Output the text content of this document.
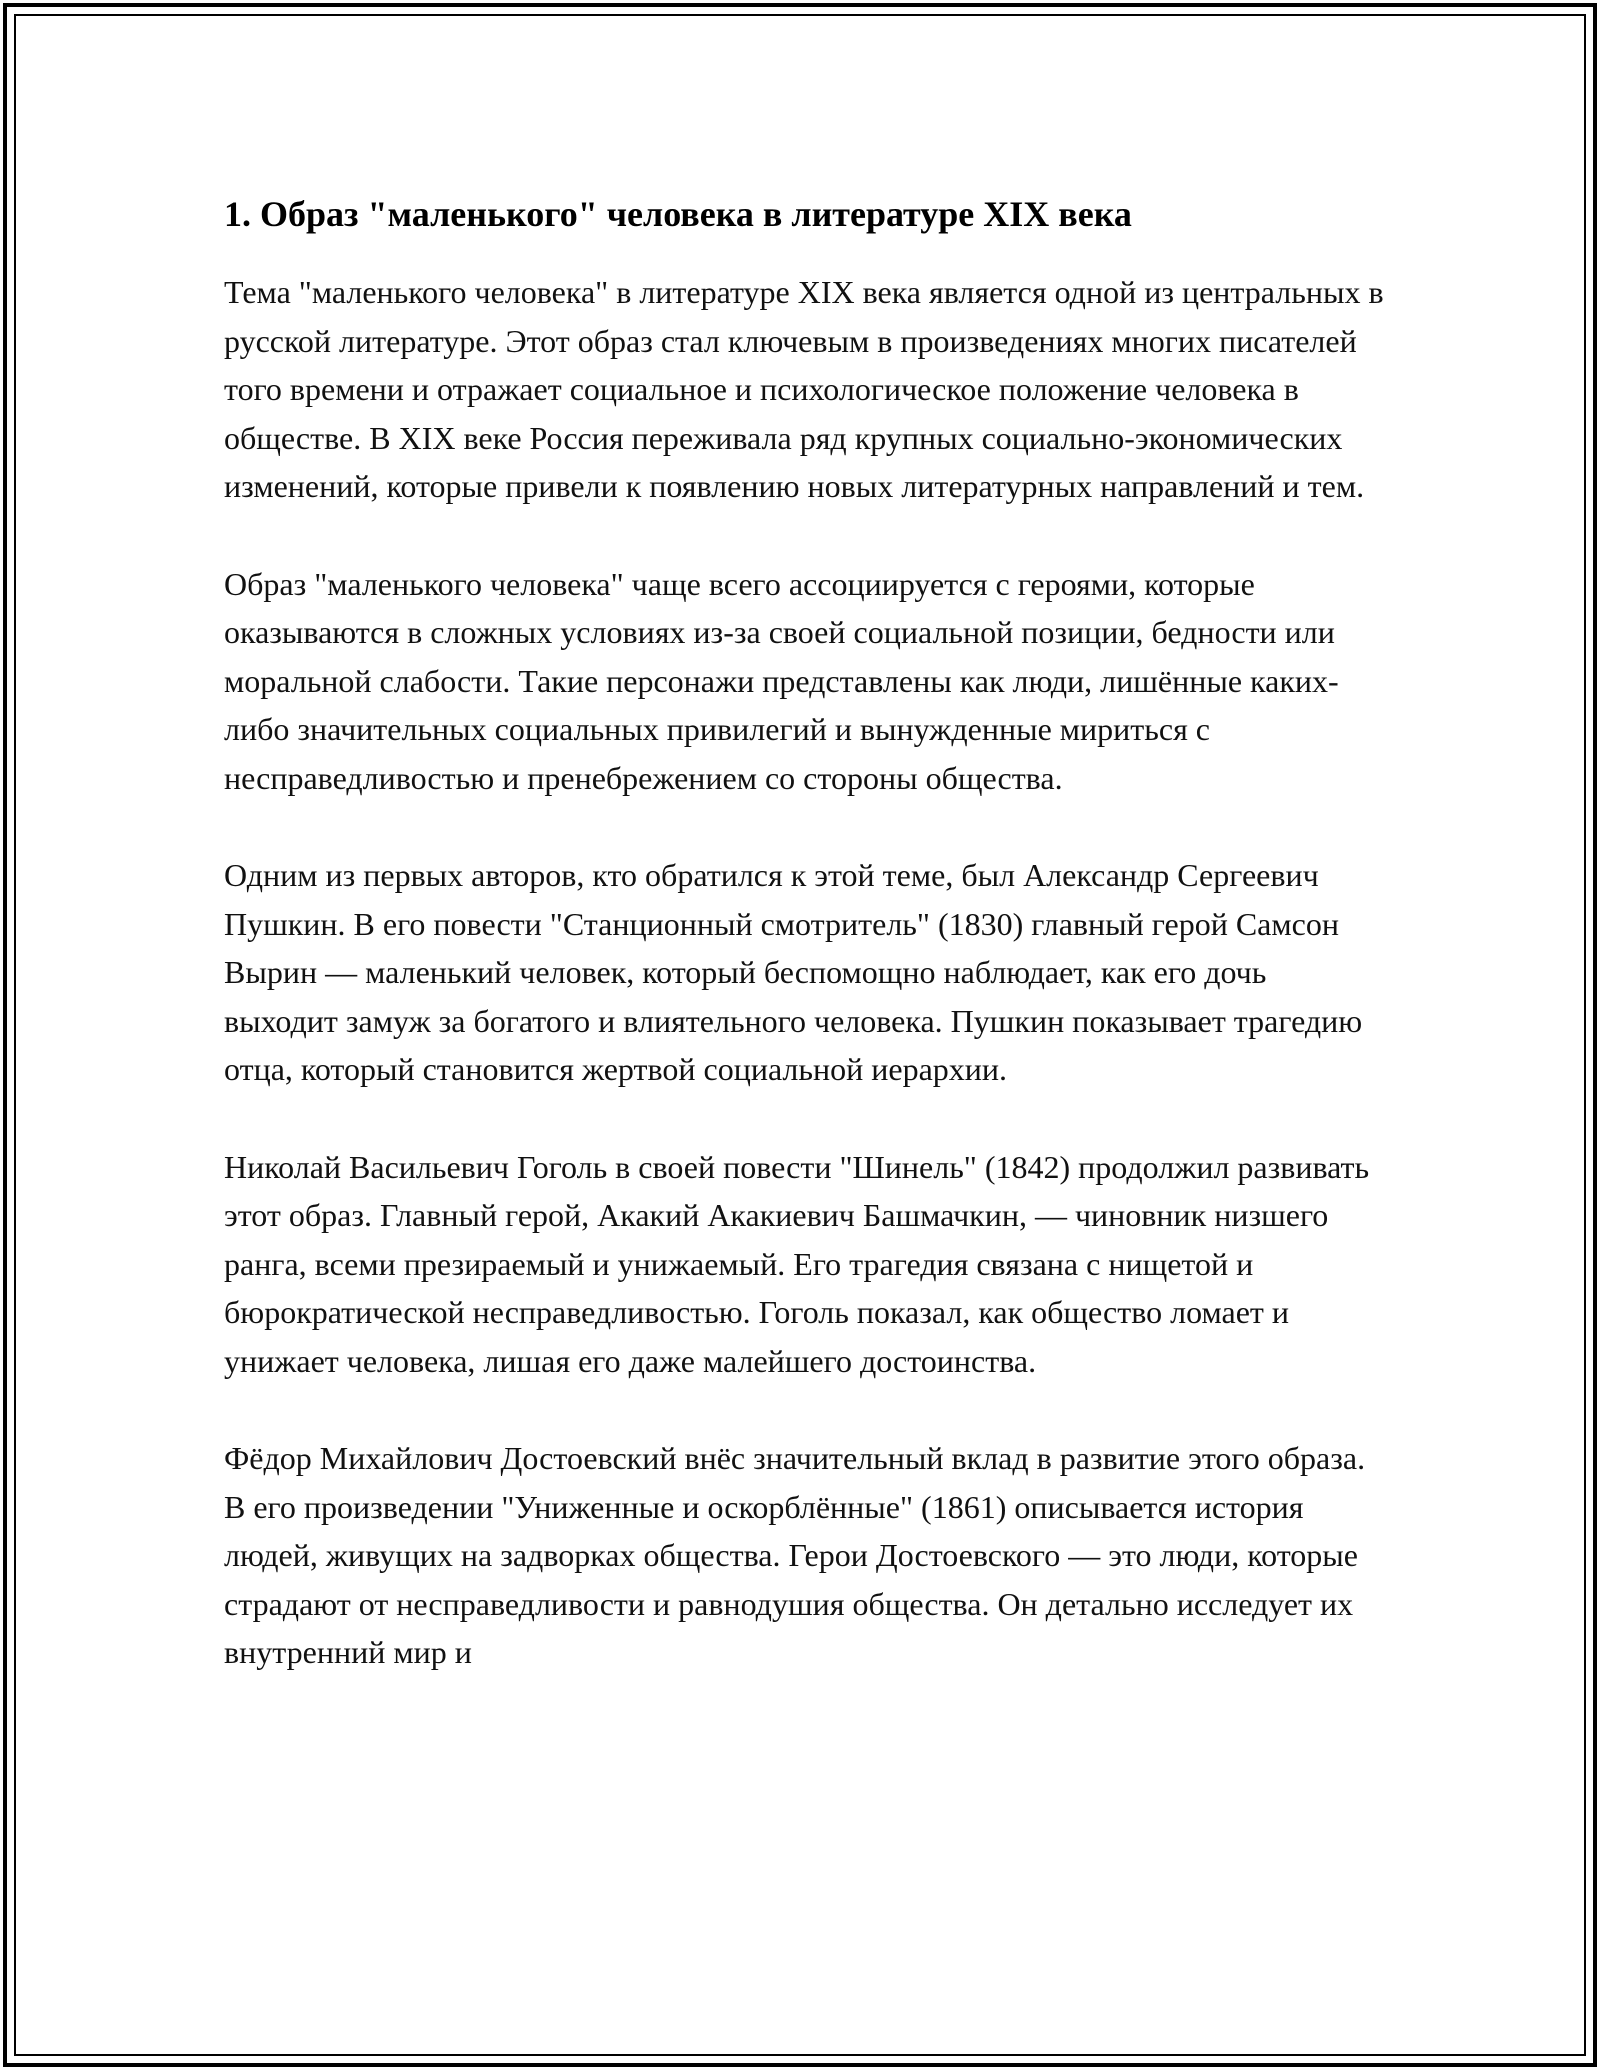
1. Образ "маленького" человека в литературе XIX века

Тема "маленького человека" в литературе XIX века является одной из центральных в русской литературе. Этот образ стал ключевым в произведениях многих писателей того времени и отражает социальное и психологическое положение человека в обществе. В XIX веке Россия переживала ряд крупных социально-экономических изменений, которые привели к появлению новых литературных направлений и тем.

Образ "маленького человека" чаще всего ассоциируется с героями, которые оказываются в сложных условиях из-за своей социальной позиции, бедности или моральной слабости. Такие персонажи представлены как люди, лишённые каких-либо значительных социальных привилегий и вынужденные мириться с несправедливостью и пренебрежением со стороны общества.

Одним из первых авторов, кто обратился к этой теме, был Александр Сергеевич Пушкин. В его повести "Станционный смотритель" (1830) главный герой Самсон Вырин — маленький человек, который беспомощно наблюдает, как его дочь выходит замуж за богатого и влиятельного человека. Пушкин показывает трагедию отца, который становится жертвой социальной иерархии.

Николай Васильевич Гоголь в своей повести "Шинель" (1842) продолжил развивать этот образ. Главный герой, Акакий Акакиевич Башмачкин, — чиновник низшего ранга, всеми презираемый и унижаемый. Его трагедия связана с нищетой и бюрократической несправедливостью. Гоголь показал, как общество ломает и унижает человека, лишая его даже малейшего достоинства.

Фёдор Михайлович Достоевский внёс значительный вклад в развитие этого образа. В его произведении "Униженные и оскорблённые" (1861) описывается история людей, живущих на задворках общества. Герои Достоевского — это люди, которые страдают от несправедливости и равнодушия общества. Он детально исследует их внутренний мир и
